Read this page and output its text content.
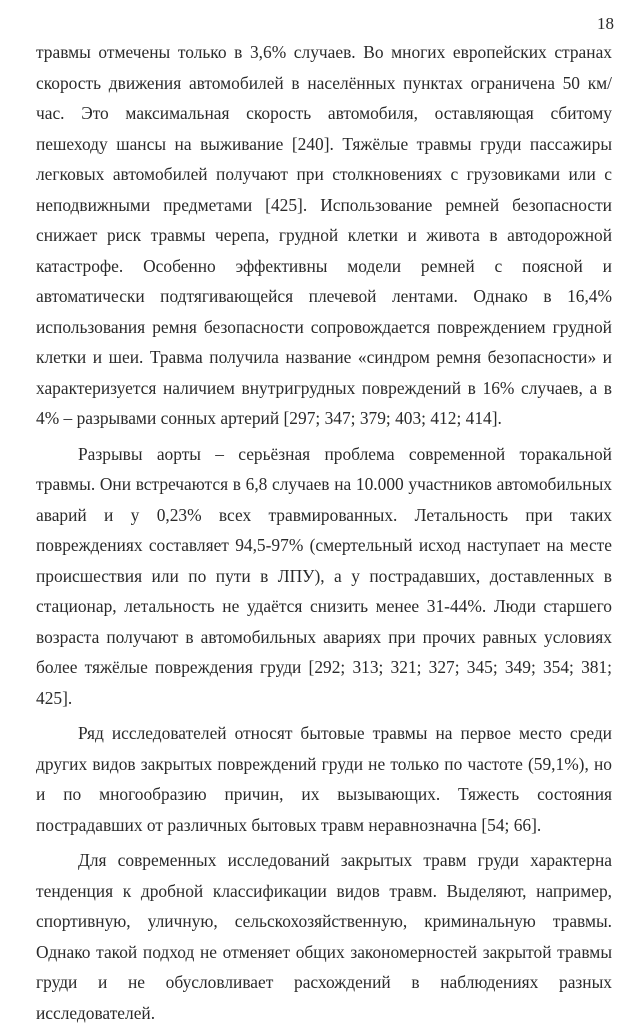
18

травмы отмечены только в 3,6% случаев. Во многих европейских странах скорость движения автомобилей в населённых пунктах ограничена 50 км/час. Это максимальная скорость автомобиля, оставляющая сбитому пешеходу шансы на выживание [240]. Тяжёлые травмы груди пассажиры легковых автомобилей получают при столкновениях с грузовиками или с неподвижными предметами [425]. Использование ремней безопасности снижает риск травмы черепа, грудной клетки и живота в автодорожной катастрофе. Особенно эффективны модели ремней с поясной и автоматически подтягивающейся плечевой лентами. Однако в 16,4% использования ремня безопасности сопровождается повреждением грудной клетки и шеи. Травма получила название «синдром ремня безопасности» и характеризуется наличием внутригрудных повреждений в 16% случаев, а в 4% – разрывами сонных артерий [297; 347; 379; 403; 412; 414].

Разрывы аорты – серьёзная проблема современной торакальной травмы. Они встречаются в 6,8 случаев на 10.000 участников автомобильных аварий и у 0,23% всех травмированных. Летальность при таких повреждениях составляет 94,5-97% (смертельный исход наступает на месте происшествия или по пути в ЛПУ), а у пострадавших, доставленных в стационар, летальность не удаётся снизить менее 31-44%. Люди старшего возраста получают в автомобильных авариях при прочих равных условиях более тяжёлые повреждения груди [292; 313; 321; 327; 345; 349; 354; 381; 425].

Ряд исследователей относят бытовые травмы на первое место среди других видов закрытых повреждений груди не только по частоте (59,1%), но и по многообразию причин, их вызывающих. Тяжесть состояния пострадавших от различных бытовых травм неравнозначна [54; 66].

Для современных исследований закрытых травм груди характерна тенденция к дробной классификации видов травм. Выделяют, например, спортивную, уличную, сельскохозяйственную, криминальную травмы. Однако такой подход не отменяет общих закономерностей закрытой травмы груди и не обусловливает расхождений в наблюдениях разных исследователей.
